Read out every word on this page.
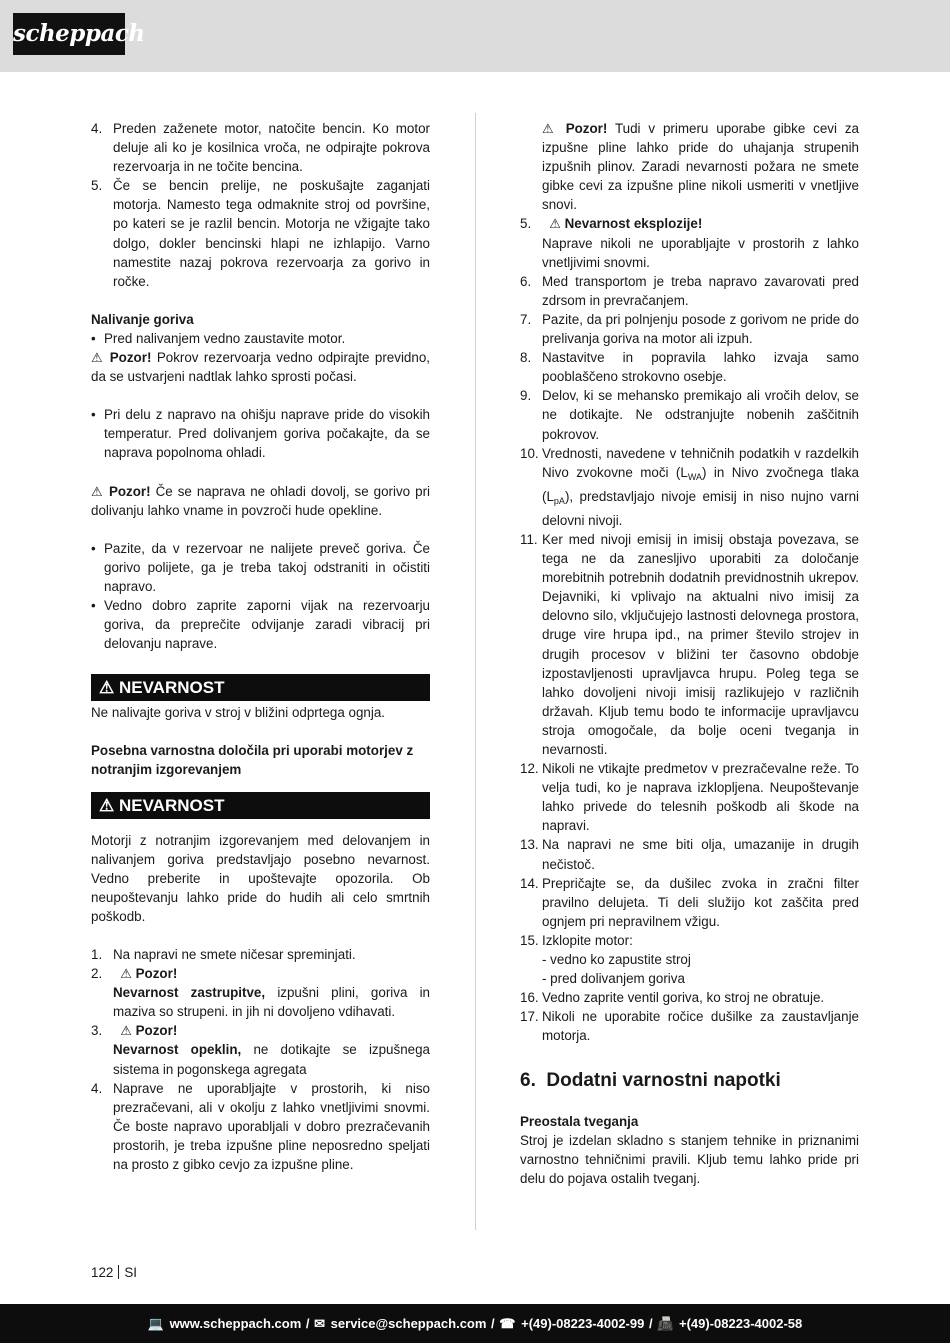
scheppach
4. Preden zaženete motor, natočite bencin. Ko motor deluje ali ko je kosilnica vroča, ne odpirajte pokrova rezervoarja in ne točite bencina.
5. Če se bencin prelije, ne poskušajte zaganjati motorja. Namesto tega odmaknite stroj od površine, po kateri se je razlil bencin. Motorja ne vžigajte tako dolgo, dokler bencinski hlapi ne izhlapijo. Varno namestite nazaj pokrova rezervoarja za gorivo in ročke.
Nalivanje goriva
• Pred nalivanjem vedno zaustavite motor.

⚠ Pozor! Pokrov rezervoarja vedno odpirajte previdno, da se ustvarjeni nadtlak lahko sprosti počasi.

• Pri delu z napravo na ohišju naprave pride do visokih temperatur. Pred dolivanjem goriva počakajte, da se naprava popolnoma ohladi.

⚠ Pozor! Če se naprava ne ohladi dovolj, se gorivo pri dolivanju lahko vname in povzroči hude opekline.

• Pazite, da v rezervoar ne nalijete preveč goriva. Če gorivo polijete, ga je treba takoj odstraniti in očistiti napravo.
• Vedno dobro zaprite zaporni vijak na rezervoarju goriva, da preprečite odvijanje zaradi vibracij pri delovanju naprave.
⚠ NEVARNOST

Ne nalivajte goriva v stroj v bližini odprtega ognja.

Posebna varnostna določila pri uporabi motorjev z notranjim izgorevanjem
⚠ NEVARNOST

Motorji z notranjim izgorevanjem med delovanjem in nalivanjem goriva predstavljajo posebno nevarnost. Vedno preberite in upoštevajte opozorila. Ob neupoštevanju lahko pride do hudih ali celo smrtnih poškodb.

1. Na napravi ne smete ničesar spreminjati.
2. ⚠ Pozor!
Nevarnost zastrupitve, izpušni plini, goriva in maziva so strupeni. in jih ni dovoljeno vdihavati.
3. ⚠ Pozor!
Nevarnost opeklin, ne dotikajte se izpušnega sistema in pogonskega agregata
4. Naprave ne uporabljajte v prostorih, ki niso prezračevani, ali v okolju z lahko vnetljivimi snovmi. Če boste napravo uporabljali v dobro prezračevanih prostorih, je treba izpušne pline neposredno speljati na prosto z gibko cevjo za izpušne pline.
⚠ Pozor! Tudi v primeru uporabe gibke cevi za izpušne pline lahko pride do uhajanja strupenih izpušnih plinov. Zaradi nevarnosti požara ne smete gibke cevi za izpušne pline nikoli usmeriti v vnetljive snovi.
5. ⚠ Nevarnost eksplozije!
Naprave nikoli ne uporabljajte v prostorih z lahko vnetljivimi snovmi.
6. Med transportom je treba napravo zavarovati pred zdrsom in prevračanjem.
7. Pazite, da pri polnjenju posode z gorivom ne pride do prelivanja goriva na motor ali izpuh.
8. Nastavitve in popravila lahko izvaja samo pooblaščeno strokovno osebje.
9. Delov, ki se mehansko premikajo ali vročih delov, se ne dotikajte. Ne odstranjujte nobenih zaščitnih pokrovov.
10. Vrednosti, navedene v tehničnih podatkih v razdelkih Nivo zvokovne moči $(L_{WA})$ in Nivo zvočnega tlaka $(L_{pA})$, predstavljajo nivoje emisij in niso nujno varni delovni nivoji.
11. Ker med nivoji emisij in imisij obstaja povezava, se tega ne da zanesljivo uporabiti za določanje morebitnih potrebnih dodatnih previdnostnih ukrepov. Dejavniki, ki vplivajo na aktualni nivo imisij za delovno silo, vključujejo lastnosti delovnega prostora, druge vire hrupa ipd., na primer število strojev in drugih procesov v bližini ter časovno obdobje izpostavljenosti upravljavca hrupu. Poleg tega se lahko dovoljeni nivoji imisij razlikujejo v različnih državah. Kljub temu bodo te informacije upravljavcu stroja omogočale, da bolje oceni tveganja in nevarnosti.
12. Nikoli ne vtikajte predmetov v prezračevalne reže. To velja tudi, ko je naprava izklopljena. Neupoštevanje lahko privede do telesnih poškodb ali škode na napravi.
13. Na napravi ne sme biti olja, umazanije in drugih nečistoč.
14. Prepričajte se, da dušilec zvoka in zračni filter pravilno delujeta. Ti deli služijo kot zaščita pred ognjem pri nepravilnem vžigu.
15. Izklopite motor:
- vedno ko zapustite stroj
- pred dolivanjem goriva
16. Vedno zaprite ventil goriva, ko stroj ne obratuje.
17. Nikoli ne uporabite ročice dušilke za zaustavljanje motorja.
6. Dodatni varnostni napotki
Preostala tveganja

Stroj je izdelan skladno s stanjem tehnike in priznanimi varnostno tehničnimi pravili. Kljub temu lahko pride pri delu do pojava ostalih tveganj.

122 SI
💻 www.scheppach.com / ✉ service@scheppach.com / ☎ +(49)-08223-4002-99 / 📠 +(49)-08223-4002-58
